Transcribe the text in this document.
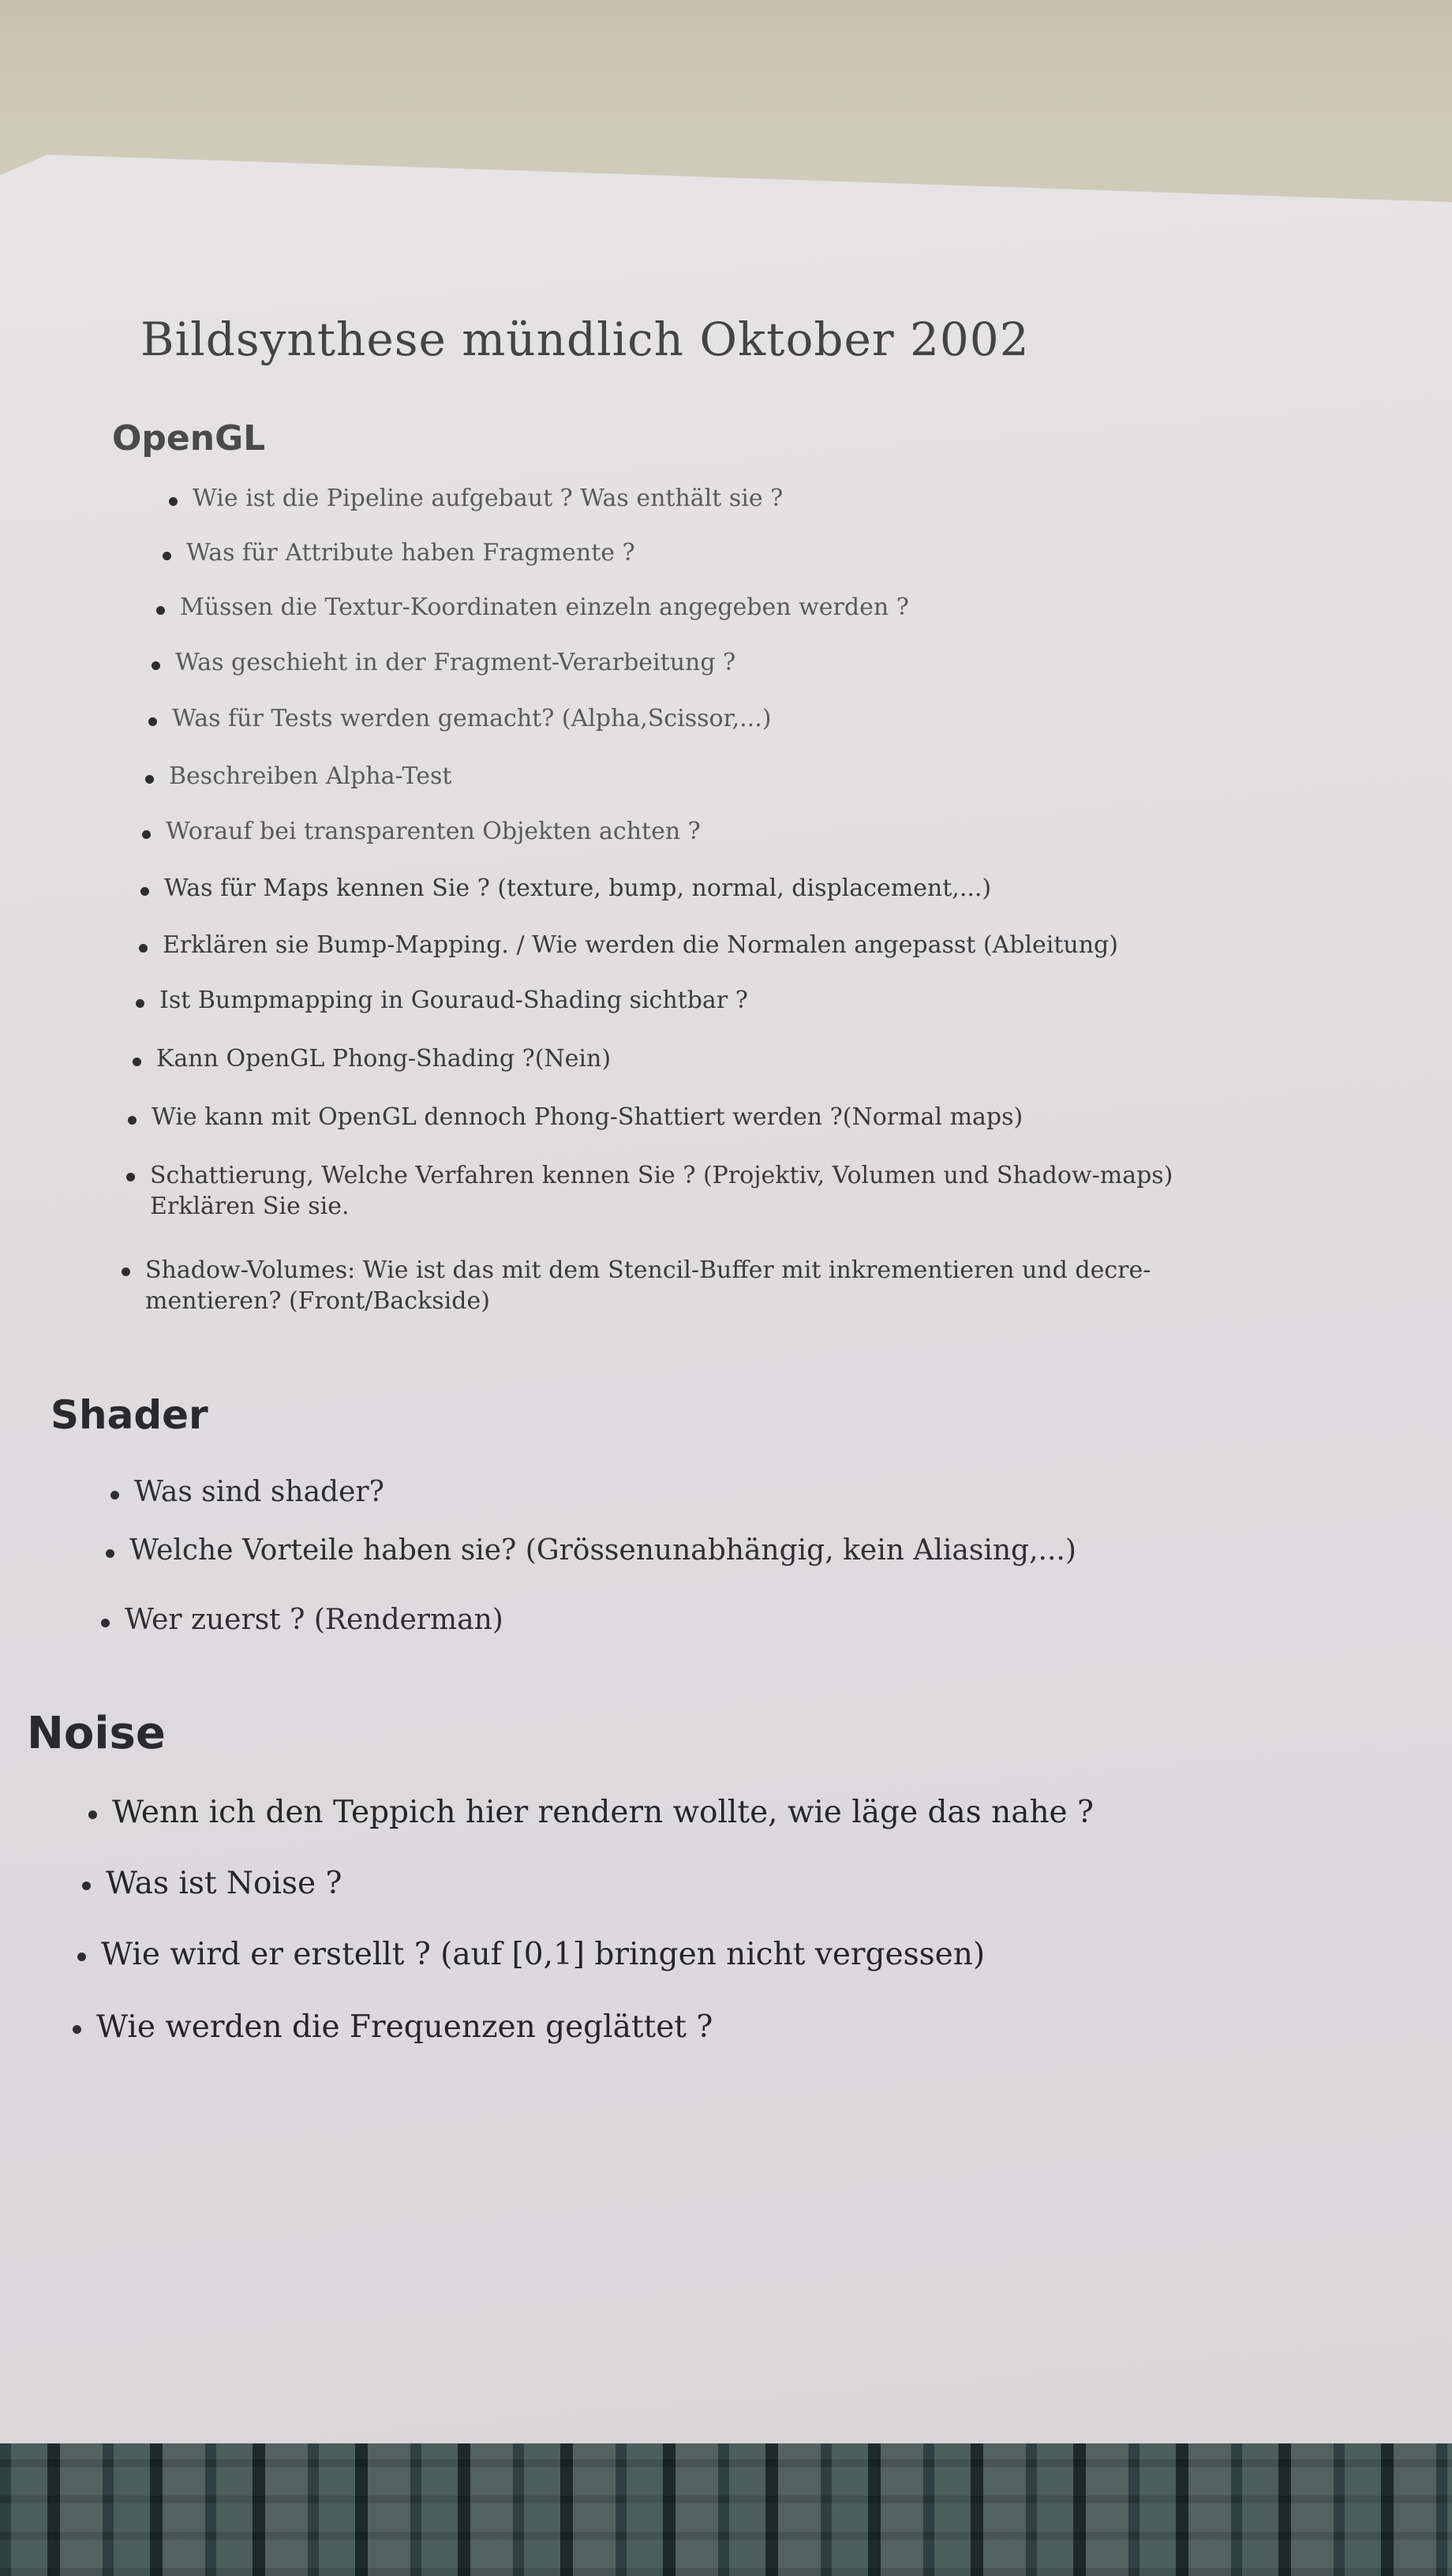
Bildsynthese mündlich Oktober 2002
OpenGL
Wie ist die Pipeline aufgebaut ? Was enthält sie ?
Was für Attribute haben Fragmente ?
Müssen die Textur-Koordinaten einzeln angegeben werden ?
Was geschieht in der Fragment-Verarbeitung ?
Was für Tests werden gemacht? (Alpha,Scissor,...)
Beschreiben Alpha-Test
Worauf bei transparenten Objekten achten ?
Was für Maps kennen Sie ? (texture, bump, normal, displacement,...)
Erklären sie Bump-Mapping. / Wie werden die Normalen angepasst (Ableitung)
Ist Bumpmapping in Gouraud-Shading sichtbar ?
Kann OpenGL Phong-Shading ?(Nein)
Wie kann mit OpenGL dennoch Phong-Shattiert werden ?(Normal maps)
Schattierung, Welche Verfahren kennen Sie ? (Projektiv, Volumen und Shadow-maps)
Erklären Sie sie.
Shadow-Volumes: Wie ist das mit dem Stencil-Buffer mit inkrementieren und decre-
mentieren? (Front/Backside)
Shader
Was sind shader?
Welche Vorteile haben sie? (Grössenunabhängig, kein Aliasing,...)
Wer zuerst ? (Renderman)
Noise
Wenn ich den Teppich hier rendern wollte, wie läge das nahe ?
Was ist Noise ?
Wie wird er erstellt ? (auf [0,1] bringen nicht vergessen)
Wie werden die Frequenzen geglättet ?
